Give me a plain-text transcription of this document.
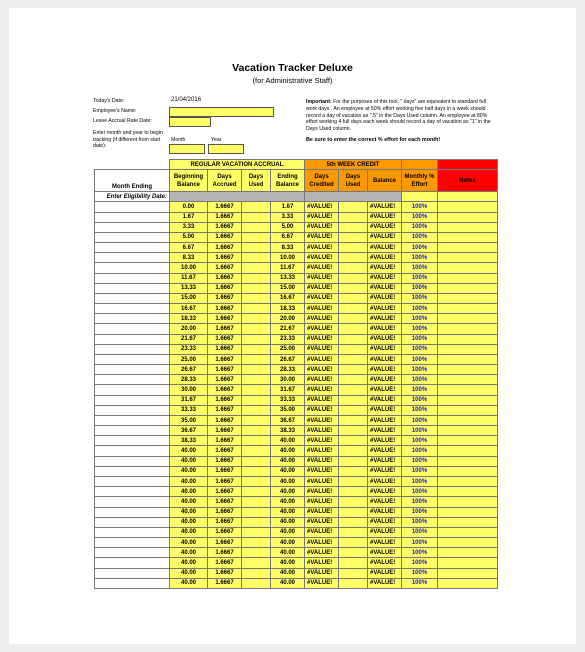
Vacation Tracker Deluxe
(for Administrative Staff)
Today's Date:	21/04/2016
Employee's Name:
Leave Accrual Rate Date:
Enter month and year to begin tracking (if different from start date):
Month	Year
Important: For the purposes of this tool, " days" are equivalent to standard full work days . An employee at 50% effort working five half days in a week should record a day of vacation as ".5" in the Days Used column. An employee at 80% effort working 4 full days each week should record a day of vacation as "1" in the Days Used column.
Be sure to enter the correct % effort for each month!
	REGULAR VACATION ACCRUAL				5th WEEK CREDIT				
Month Ending	Beginning Balance	Days Accrued	Days Used	Ending Balance	Days Credited	Days Used	Balance	Monthly % Effort	Notes
Enter Eligibility Date:									
	0.00	1.6667		1.67	#VALUE!		#VALUE!	100%	
	1.67	1.6667		3.33	#VALUE!		#VALUE!	100%	
	3.33	1.6667		5.00	#VALUE!		#VALUE!	100%	
	5.00	1.6667		6.67	#VALUE!		#VALUE!	100%	
	6.67	1.6667		8.33	#VALUE!		#VALUE!	100%	
	8.33	1.6667		10.00	#VALUE!		#VALUE!	100%	
	10.00	1.6667		11.67	#VALUE!		#VALUE!	100%	
	11.67	1.6667		13.33	#VALUE!		#VALUE!	100%	
	13.33	1.6667		15.00	#VALUE!		#VALUE!	100%	
	15.00	1.6667		16.67	#VALUE!		#VALUE!	100%	
	16.67	1.6667		18.33	#VALUE!		#VALUE!	100%	
	18.33	1.6667		20.00	#VALUE!		#VALUE!	100%	
	20.00	1.6667		21.67	#VALUE!		#VALUE!	100%	
	21.67	1.6667		23.33	#VALUE!		#VALUE!	100%	
	23.33	1.6667		25.00	#VALUE!		#VALUE!	100%	
	25.00	1.6667		26.67	#VALUE!		#VALUE!	100%	
	26.67	1.6667		28.33	#VALUE!		#VALUE!	100%	
	28.33	1.6667		30.00	#VALUE!		#VALUE!	100%	
	30.00	1.6667		31.67	#VALUE!		#VALUE!	100%	
	31.67	1.6667		33.33	#VALUE!		#VALUE!	100%	
	33.33	1.6667		35.00	#VALUE!		#VALUE!	100%	
	35.00	1.6667		36.67	#VALUE!		#VALUE!	100%	
	36.67	1.6667		38.33	#VALUE!		#VALUE!	100%	
	38.33	1.6667		40.00	#VALUE!		#VALUE!	100%	
	40.00	1.6667		40.00	#VALUE!		#VALUE!	100%	
	40.00	1.6667		40.00	#VALUE!		#VALUE!	100%	
	40.00	1.6667		40.00	#VALUE!		#VALUE!	100%	
	40.00	1.6667		40.00	#VALUE!		#VALUE!	100%	
	40.00	1.6667		40.00	#VALUE!		#VALUE!	100%	
	40.00	1.6667		40.00	#VALUE!		#VALUE!	100%	
	40.00	1.6667		40.00	#VALUE!		#VALUE!	100%	
	40.00	1.6667		40.00	#VALUE!		#VALUE!	100%	
	40.00	1.6667		40.00	#VALUE!		#VALUE!	100%	
	40.00	1.6667		40.00	#VALUE!		#VALUE!	100%	
	40.00	1.6667		40.00	#VALUE!		#VALUE!	100%	
	40.00	1.6667		40.00	#VALUE!		#VALUE!	100%	
	40.00	1.6667		40.00	#VALUE!		#VALUE!	100%	
	40.00	1.6667		40.00	#VALUE!		#VALUE!	100%	
